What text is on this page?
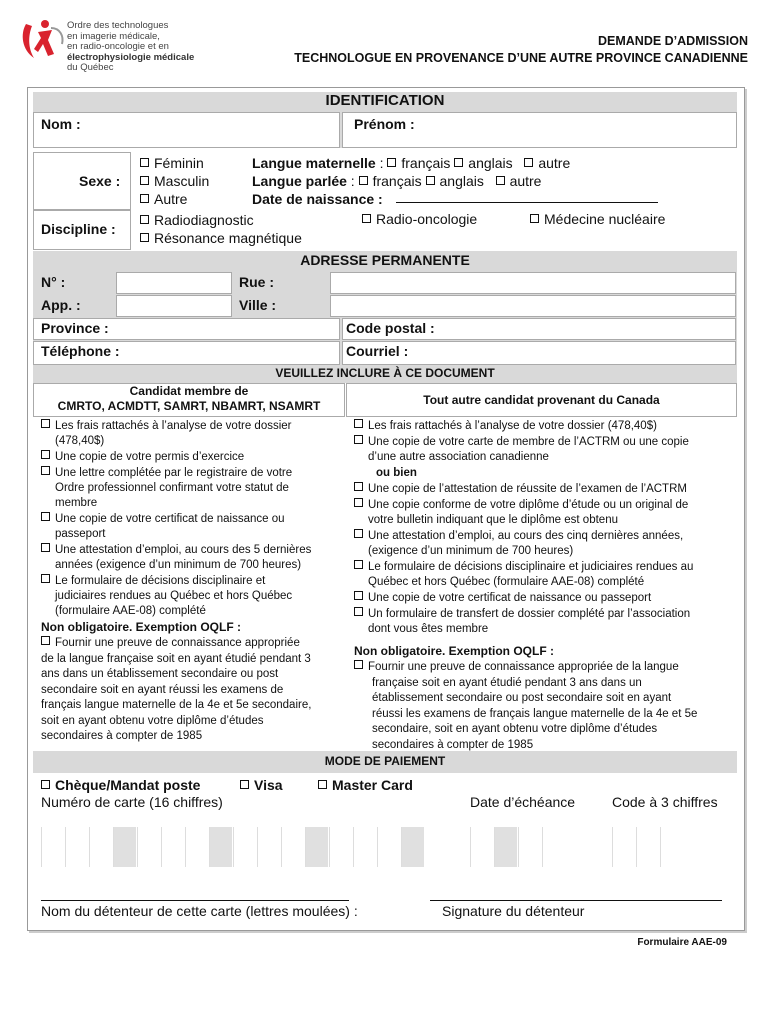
Ordre des technologues
en imagerie médicale,
en radio-oncologie et en
électrophysiologie médicale
du Québec
DEMANDE D’ADMISSION
TECHNOLOGUE EN PROVENANCE D’UNE AUTRE PROVINCE CANADIENNE
IDENTIFICATION
Nom :	Prénom :
Sexe :
Féminin
Masculin
Autre
Langue maternelle : français anglais autre
Langue parlée : français anglais autre
Date de naissance :
Discipline :
Radiodiagnostic
Résonance magnétique
Radio-oncologie	Médecine nucléaire
ADRESSE PERMANENTE
N° :	Rue :
App. :	Ville :
Province :	Code postal :
Téléphone :	Courriel :
VEUILLEZ INCLURE À CE DOCUMENT
Candidat membre de
CMRTO, ACMDTT, SAMRT, NBAMRT, NSAMRT	Tout autre candidat provenant du Canada
Les frais rattachés à l’analyse de votre dossier
(478,40$)
Une copie de votre permis d’exercice
Une lettre complétée par le registraire de votre
Ordre professionnel confirmant votre statut de
membre
Une copie de votre certificat de naissance ou
passeport
Une attestation d’emploi, au cours des 5 dernières
années (exigence d’un minimum de 700 heures)
Le formulaire de décisions disciplinaire et
judiciaires rendues au Québec et hors Québec
(formulaire AAE-08) complété
Non obligatoire. Exemption OQLF :
Fournir une preuve de connaissance appropriée
de la langue française soit en ayant étudié pendant 3
ans dans un établissement secondaire ou post
secondaire soit en ayant réussi les examens de
français langue maternelle de la 4e et 5e secondaire,
soit en ayant obtenu votre diplôme d’études
secondaires à compter de 1985
Les frais rattachés à l’analyse de votre dossier (478,40$)
Une copie de votre carte de membre de l’ACTRM ou une copie
d’une autre association canadienne
ou bien
Une copie de l’attestation de réussite de l’examen de l’ACTRM
Une copie conforme de votre diplôme d’étude ou un original de
votre bulletin indiquant que le diplôme est obtenu
Une attestation d’emploi, au cours des cinq dernières années,
(exigence d’un minimum de 700 heures)
Le formulaire de décisions disciplinaire et judiciaires rendues au
Québec et hors Québec (formulaire AAE-08) complété
Une copie de votre certificat de naissance ou passeport
Un formulaire de transfert de dossier complété par l’association
dont vous êtes membre
Non obligatoire. Exemption OQLF :
Fournir une preuve de connaissance appropriée de la langue
française soit en ayant étudié pendant 3 ans dans un
établissement secondaire ou post secondaire soit en ayant
réussi les examens de français langue maternelle de la 4e et 5e
secondaire, soit en ayant obtenu votre diplôme d’études
secondaires à compter de 1985
MODE DE PAIEMENT
Chèque/Mandat poste	Visa	Master Card
Numéro de carte (16 chiffres)	Date d’échéance	Code à 3 chiffres
Nom du détenteur de cette carte (lettres moulées) :	Signature du détenteur
Formulaire AAE-09
